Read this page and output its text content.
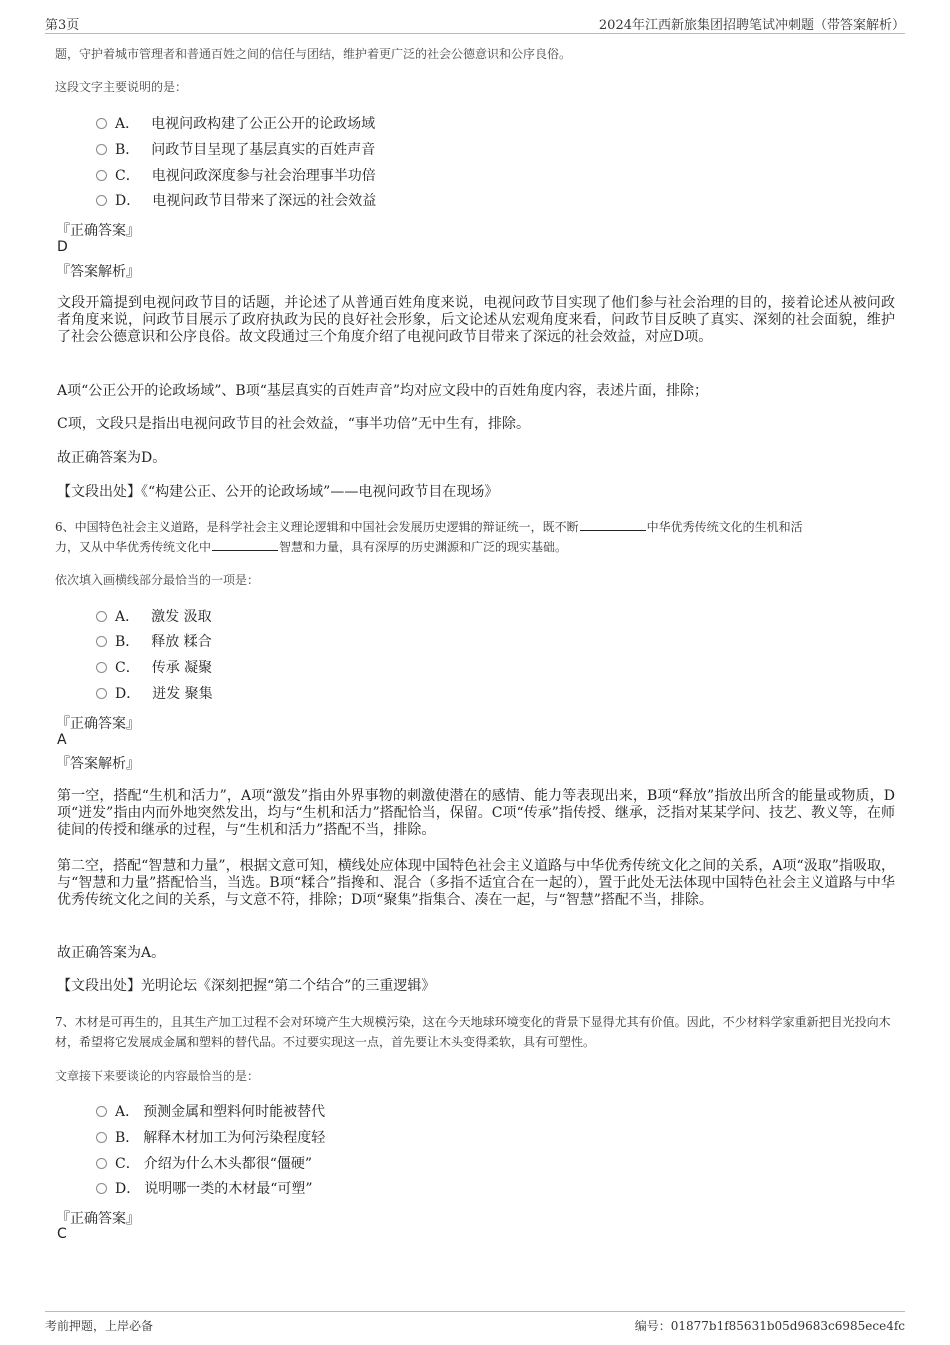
第3页	2024年江西新旅集团招聘笔试冲刺题（带答案解析）
题，守护着城市管理者和普通百姓之间的信任与团结，维护着更广泛的社会公德意识和公序良俗。
这段文字主要说明的是：
A． 电视问政构建了公正公开的论政场域
B． 问政节目呈现了基层真实的百姓声音
C． 电视问政深度参与社会治理事半功倍
D． 电视问政节目带来了深远的社会效益
『正确答案』
D
『答案解析』
文段开篇提到电视问政节目的话题，并论述了从普通百姓角度来说，电视问政节目实现了他们参与社会治理的目的，接着论述从被问政者角度来说，问政节目展示了政府执政为民的良好社会形象，后文论述从宏观角度来看，问政节目反映了真实、深刻的社会面貌，维护了社会公德意识和公序良俗。故文段通过三个角度介绍了电视问政节目带来了深远的社会效益，对应D项。
A项“公正公开的论政场域”、B项“基层真实的百姓声音”均对应文段中的百姓角度内容，表述片面，排除；
C项，文段只是指出电视问政节目的社会效益，“事半功倍”无中生有，排除。
故正确答案为D。
【文段出处】《“构建公正、公开的论政场域”——电视问政节目在现场》
6、中国特色社会主义道路，是科学社会主义理论逻辑和中国社会发展历史逻辑的辩证统一，既不断	中华优秀传统文化的生机和活
力，又从中华优秀传统文化中	智慧和力量，具有深厚的历史渊源和广泛的现实基础。
依次填入画横线部分最恰当的一项是：
A． 激发 汲取
B． 释放 糅合
C． 传承 凝聚
D． 迸发 聚集
『正确答案』
A
『答案解析』
第一空，搭配“生机和活力”，A项“激发”指由外界事物的刺激使潜在的感情、能力等表现出来，B项“释放”指放出所含的能量或物质，D项“迸发”指由内而外地突然发出，均与“生机和活力”搭配恰当，保留。C项“传承”指传授、继承，泛指对某某学问、技艺、教义等，在师徒间的传授和继承的过程，与“生机和活力”搭配不当，排除。
第二空，搭配“智慧和力量”，根据文意可知，横线处应体现中国特色社会主义道路与中华优秀传统文化之间的关系，A项“汲取”指吸取，与“智慧和力量”搭配恰当，当选。B项“糅合”指搀和、混合（多指不适宜合在一起的），置于此处无法体现中国特色社会主义道路与中华优秀传统文化之间的关系，与文意不符，排除；D项“聚集”指集合、凑在一起，与“智慧”搭配不当，排除。
故正确答案为A。
【文段出处】光明论坛《深刻把握“第二个结合”的三重逻辑》
7、木材是可再生的，且其生产加工过程不会对环境产生大规模污染，这在今天地球环境变化的背景下显得尤其有价值。因此，不少材料学家重新把目光投向木材，希望将它发展成金属和塑料的替代品。不过要实现这一点，首先要让木头变得柔软，具有可塑性。
文章接下来要谈论的内容最恰当的是：
A． 预测金属和塑料何时能被替代
B． 解释木材加工为何污染程度轻
C． 介绍为什么木头都很“僵硬”
D． 说明哪一类的木材最“可塑”
『正确答案』
C
考前押题，上岸必备	编号：01877b1f85631b05d9683c6985ece4fc
